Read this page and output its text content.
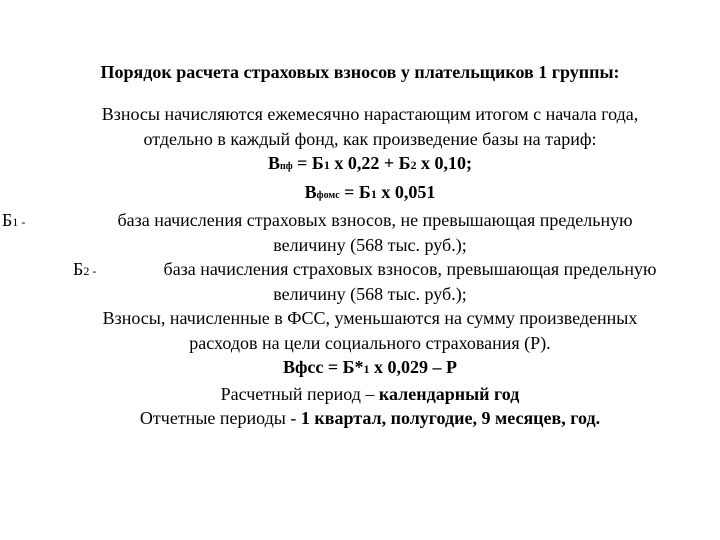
Порядок расчета страховых взносов у плательщиков 1 группы:
Взносы начисляются ежемесячно нарастающим итогом с начала года,
отдельно в каждый фонд, как произведение базы на тариф:
Впф = Б1 х 0,22 + Б2 х 0,10;
Вфомс = Б1 х 0,051
Б1 -	база начисления страховых взносов, не превышающая предельную
величину (568 тыс. руб.);
Б2 -	база начисления страховых взносов, превышающая предельную
величину (568 тыс. руб.);
Взносы, начисленные в ФСС, уменьшаются на сумму произведенных
расходов на цели социального страхования (Р).
Вфсс = Б*1 х 0,029 – Р
Расчетный период – календарный год
Отчетные периоды - 1 квартал, полугодие, 9 месяцев, год.
